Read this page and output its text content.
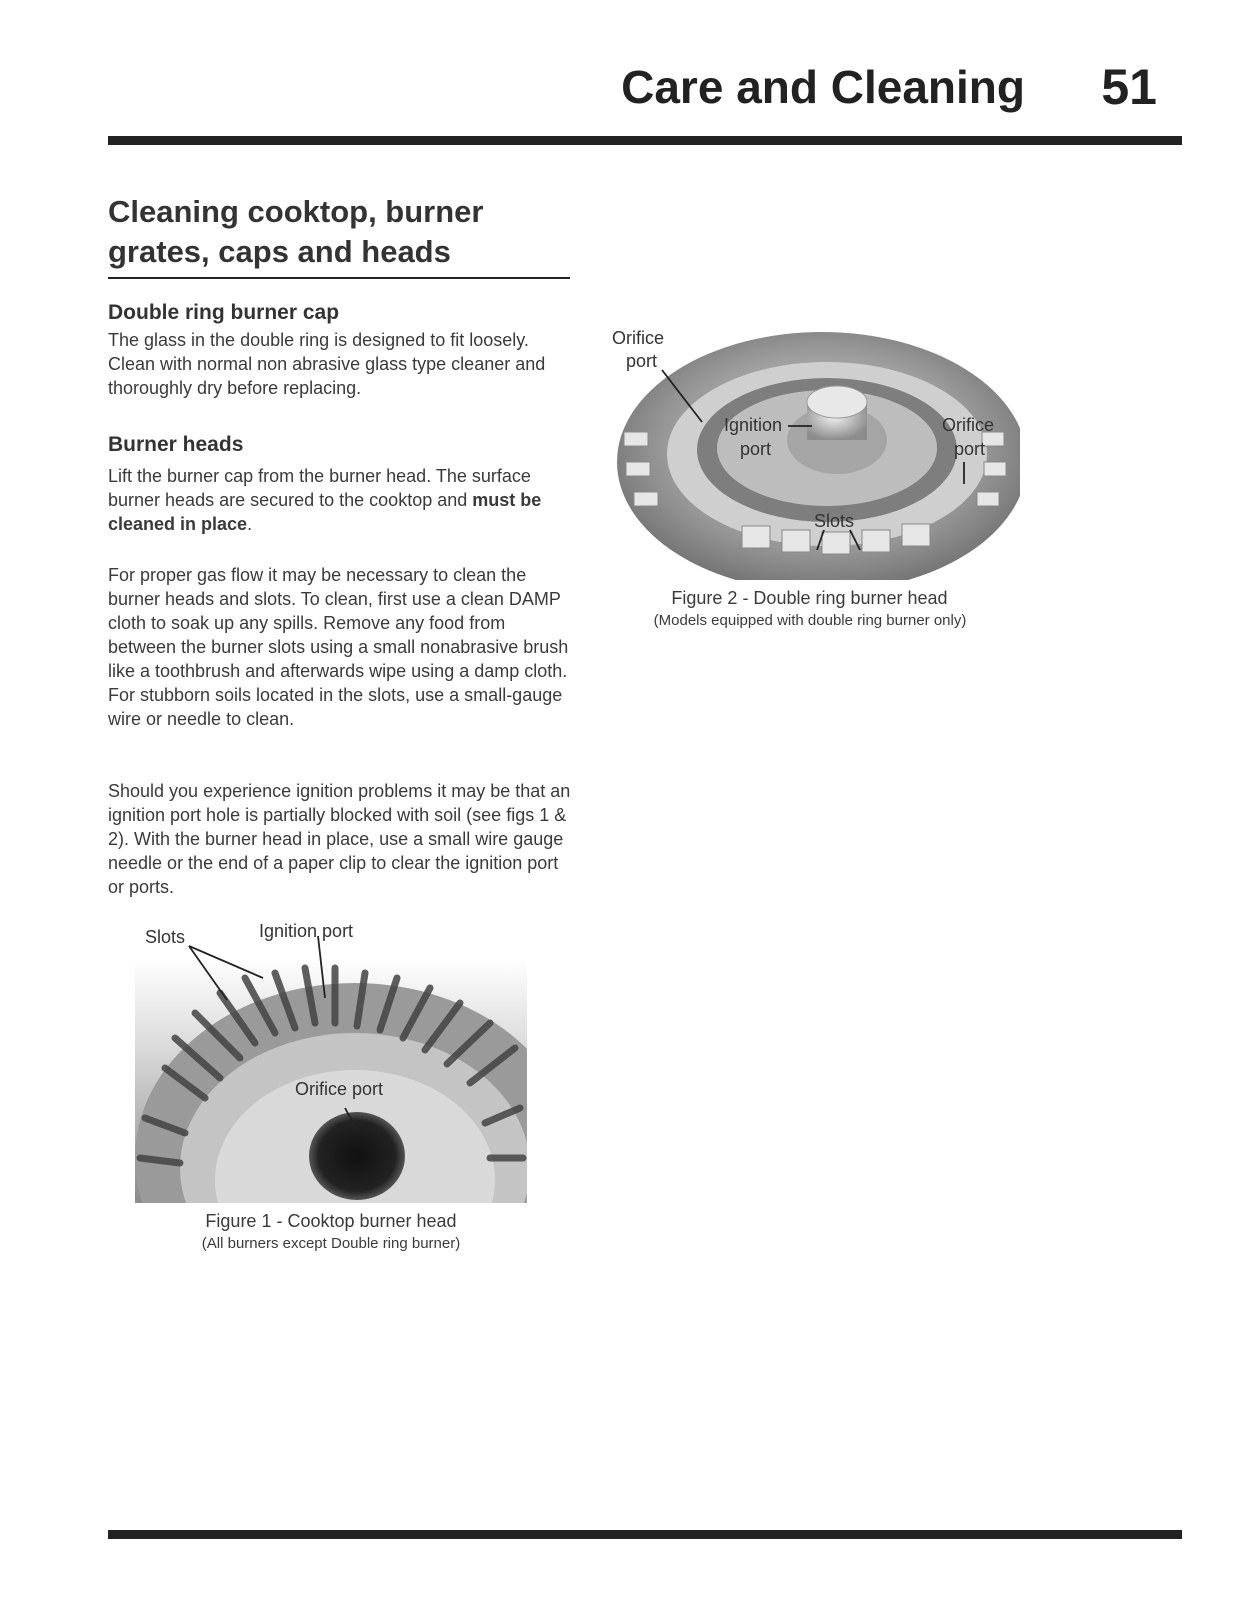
Care and Cleaning 51
Cleaning cooktop, burner
grates, caps and heads
Double ring burner cap

The glass in the double ring is designed to fit loosely. Clean with normal non abrasive glass type cleaner and thoroughly dry before replacing.

Burner heads

Lift the burner cap from the burner head. The surface burner heads are secured to the cooktop and must be cleaned in place.

For proper gas flow it may be necessary to clean the burner heads and slots. To clean, first use a clean DAMP cloth to soak up any spills. Remove any food from between the burner slots using a small nonabrasive brush like a toothbrush and afterwards wipe using a damp cloth. For stubborn soils located in the slots, use a small-gauge wire or needle to clean.

Should you experience ignition problems it may be that an ignition port hole is partially blocked with soil (see figs 1 & 2). With the burner head in place, use a small wire gauge needle or the end of a paper clip to clear the ignition port or ports.

Slots	Ignition port
Orifice port
Figure 1 - Cooktop burner head
(All burners except Double ring burner)
Orifice
port
Ignition
port
Orifice
port
Slots
Figure 2 - Double ring burner head
(Models equipped with double ring burner only)
